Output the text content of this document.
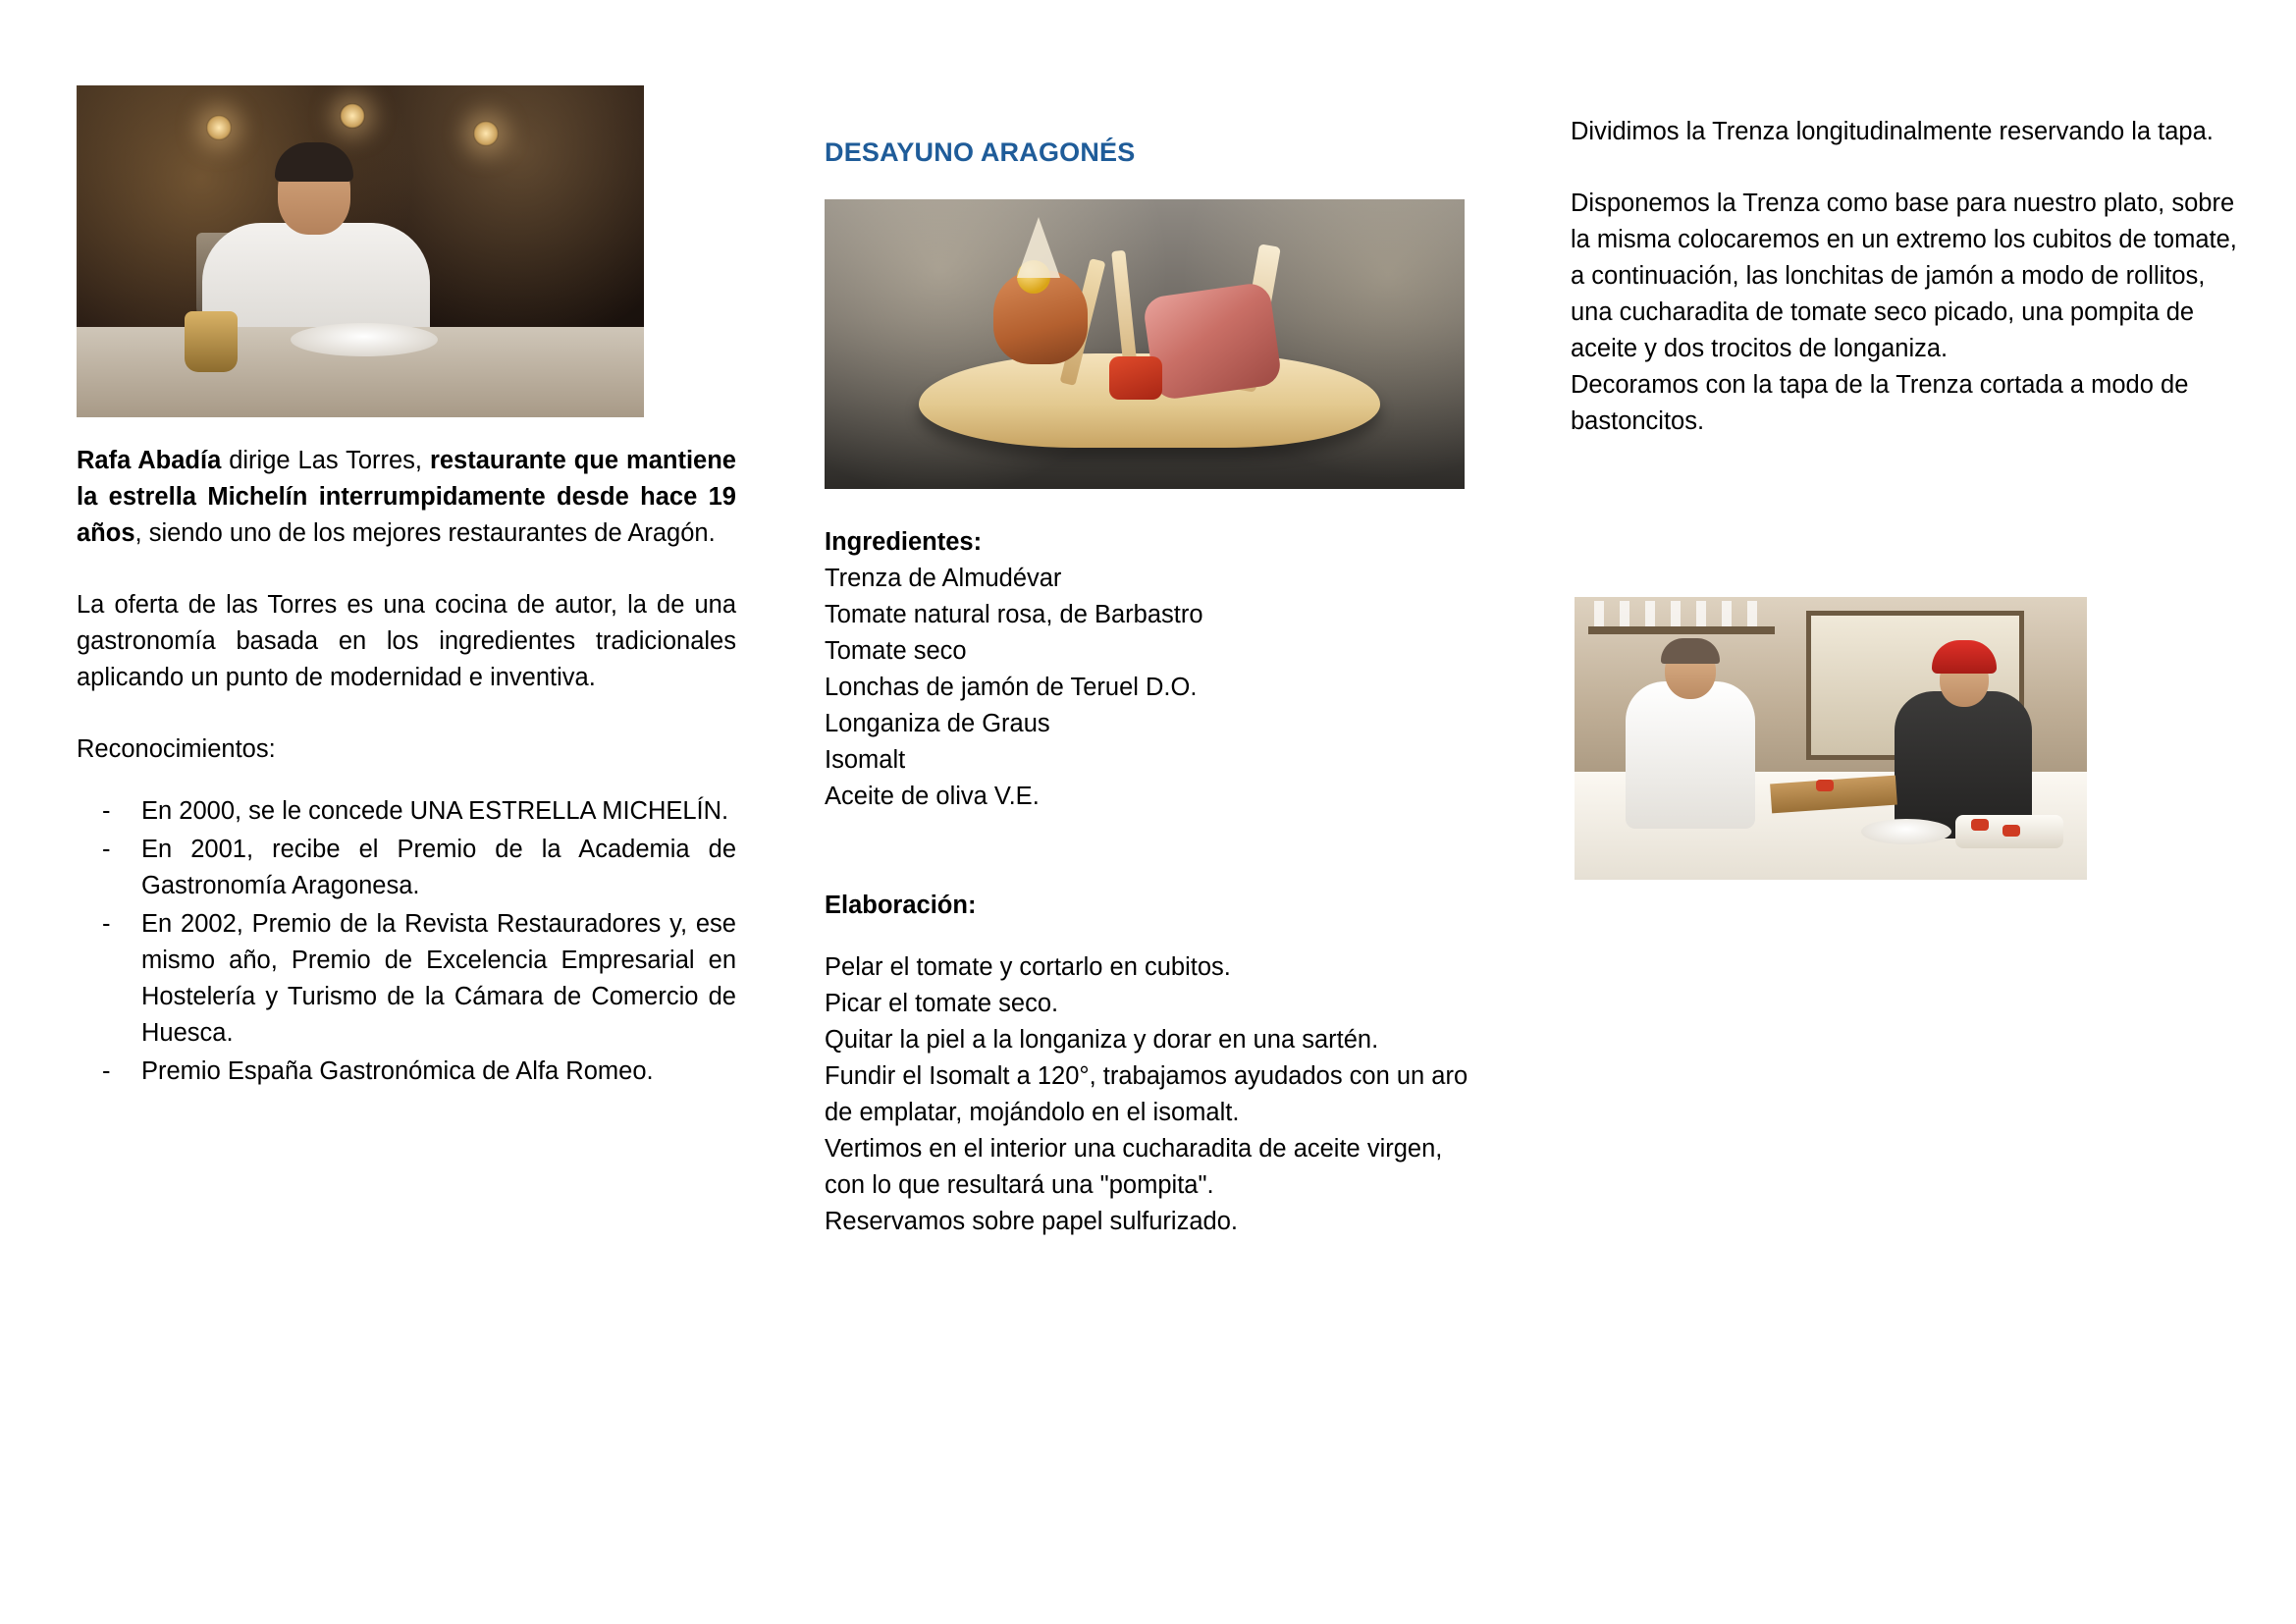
Rafa Abadía dirige Las Torres, restaurante que mantiene la estrella Michelín interrumpidamente desde hace 19 años, siendo uno de los mejores restaurantes de Aragón.

La oferta de las Torres es una cocina de autor, la de una gastronomía basada en los ingredientes tradicionales aplicando un punto de modernidad e inventiva.

Reconocimientos:

- En 2000, se le concede UNA ESTRELLA MICHELÍN.
- En 2001, recibe el Premio de la Academia de Gastronomía Aragonesa.
- En 2002, Premio de la Revista Restauradores y, ese mismo año, Premio de Excelencia Empresarial en Hostelería y Turismo de la Cámara de Comercio de Huesca.
- Premio España Gastronómica de Alfa Romeo.
DESAYUNO ARAGONÉS

Ingredientes:

Trenza de Almudévar

Tomate natural rosa, de Barbastro

Tomate seco

Lonchas de jamón de Teruel D.O.

Longaniza de Graus

Isomalt

Aceite de oliva V.E.

Elaboración:

Pelar el tomate y cortarlo en cubitos.

Picar el tomate seco.

Quitar la piel a la longaniza y dorar en una sartén.

Fundir el Isomalt a 120°, trabajamos ayudados con un aro de emplatar, mojándolo en el isomalt.

Vertimos en el interior una cucharadita de aceite virgen, con lo que resultará una "pompita".

Reservamos sobre papel sulfurizado.

Dividimos la Trenza longitudinalmente reservando la tapa.

Disponemos la Trenza como base para nuestro plato, sobre la misma colocaremos en un extremo los cubitos de tomate, a continuación, las lonchitas de jamón a modo de rollitos, una cucharadita de tomate seco picado, una pompita de aceite y dos trocitos de longaniza.

Decoramos con la tapa de la Trenza cortada a modo de bastoncitos.
